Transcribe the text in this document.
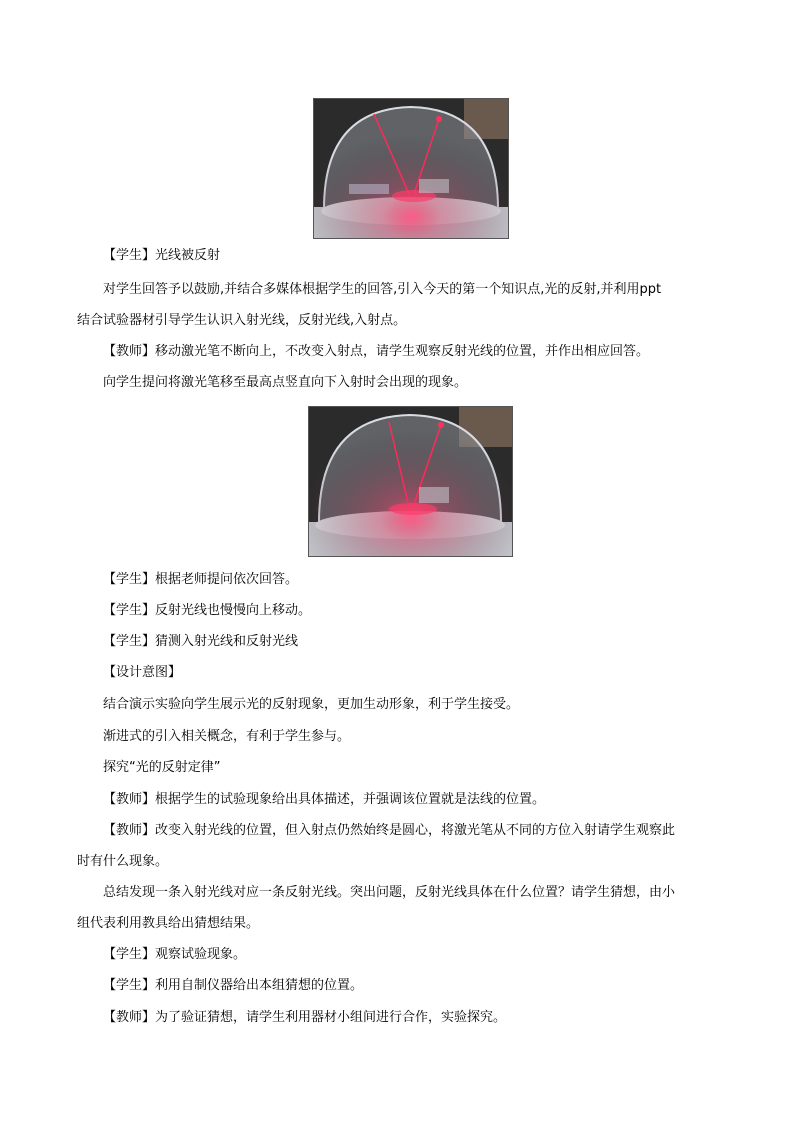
【学生】光线被反射
对学生回答予以鼓励,并结合多媒体根据学生的回答,引入今天的第一个知识点,光的反射,并利用ppt
结合试验器材引导学生认识入射光线，反射光线,入射点。
【教师】移动激光笔不断向上，不改变入射点，请学生观察反射光线的位置，并作出相应回答。
向学生提问将激光笔移至最高点竖直向下入射时会出现的现象。
【学生】根据老师提问依次回答。
【学生】反射光线也慢慢向上移动。
【学生】猜测入射光线和反射光线
【设计意图】
结合演示实验向学生展示光的反射现象，更加生动形象，利于学生接受。
渐进式的引入相关概念，有利于学生参与。
探究“光的反射定律”
【教师】根据学生的试验现象给出具体描述，并强调该位置就是法线的位置。
【教师】改变入射光线的位置，但入射点仍然始终是圆心，将激光笔从不同的方位入射请学生观察此
时有什么现象。
总结发现一条入射光线对应一条反射光线。突出问题，反射光线具体在什么位置？请学生猜想，由小
组代表利用教具给出猜想结果。
【学生】观察试验现象。
【学生】利用自制仪器给出本组猜想的位置。
【教师】为了验证猜想，请学生利用器材小组间进行合作，实验探究。
